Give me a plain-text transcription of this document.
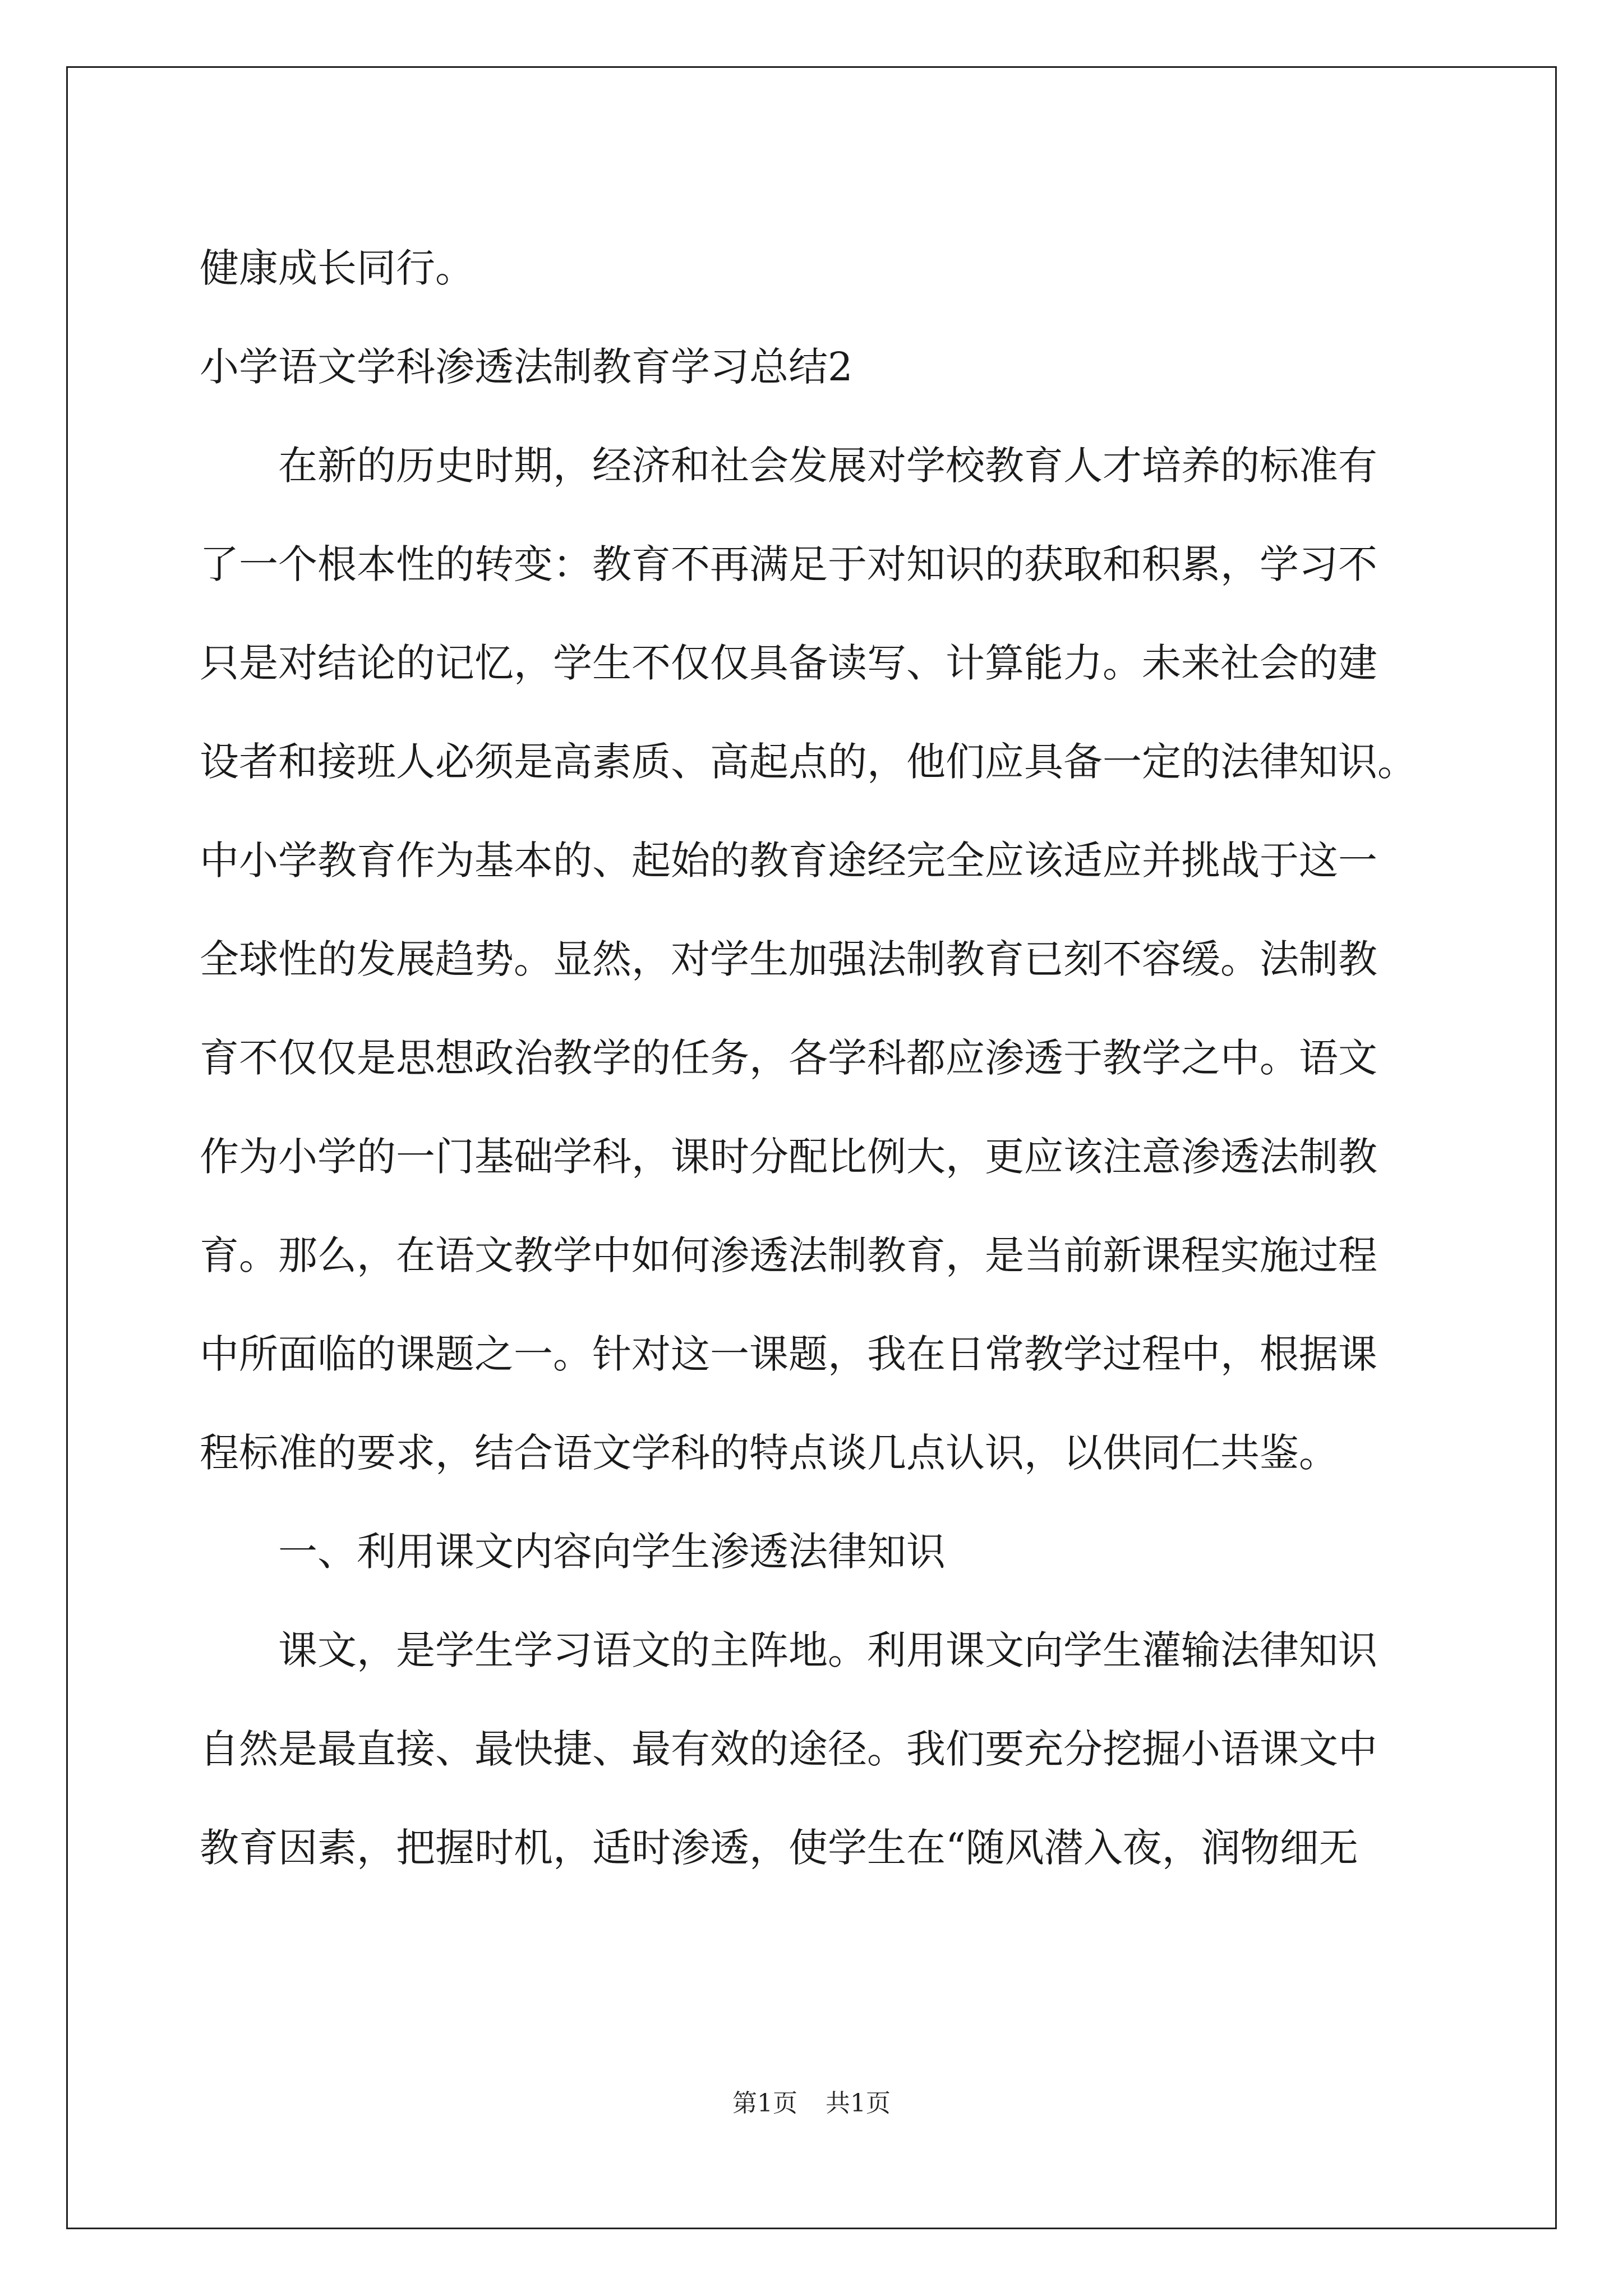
健康成长同行。
小学语文学科渗透法制教育学习总结2
在新的历史时期，经济和社会发展对学校教育人才培养的标准有
了一个根本性的转变：教育不再满足于对知识的获取和积累，学习不
只是对结论的记忆，学生不仅仅具备读写、计算能力。未来社会的建
设者和接班人必须是高素质、高起点的，他们应具备一定的法律知识。
中小学教育作为基本的、起始的教育途经完全应该适应并挑战于这一
全球性的发展趋势。显然，对学生加强法制教育已刻不容缓。法制教
育不仅仅是思想政治教学的任务，各学科都应渗透于教学之中。语文
作为小学的一门基础学科，课时分配比例大，更应该注意渗透法制教
育。那么，在语文教学中如何渗透法制教育，是当前新课程实施过程
中所面临的课题之一。针对这一课题，我在日常教学过程中，根据课
程标准的要求，结合语文学科的特点谈几点认识，以供同仁共鉴。
一、利用课文内容向学生渗透法律知识
课文，是学生学习语文的主阵地。利用课文向学生灌输法律知识
自然是最直接、最快捷、最有效的途径。我们要充分挖掘小语课文中
教育因素，把握时机，适时渗透，使学生在“随风潜入夜，润物细无
第1页 共1页
